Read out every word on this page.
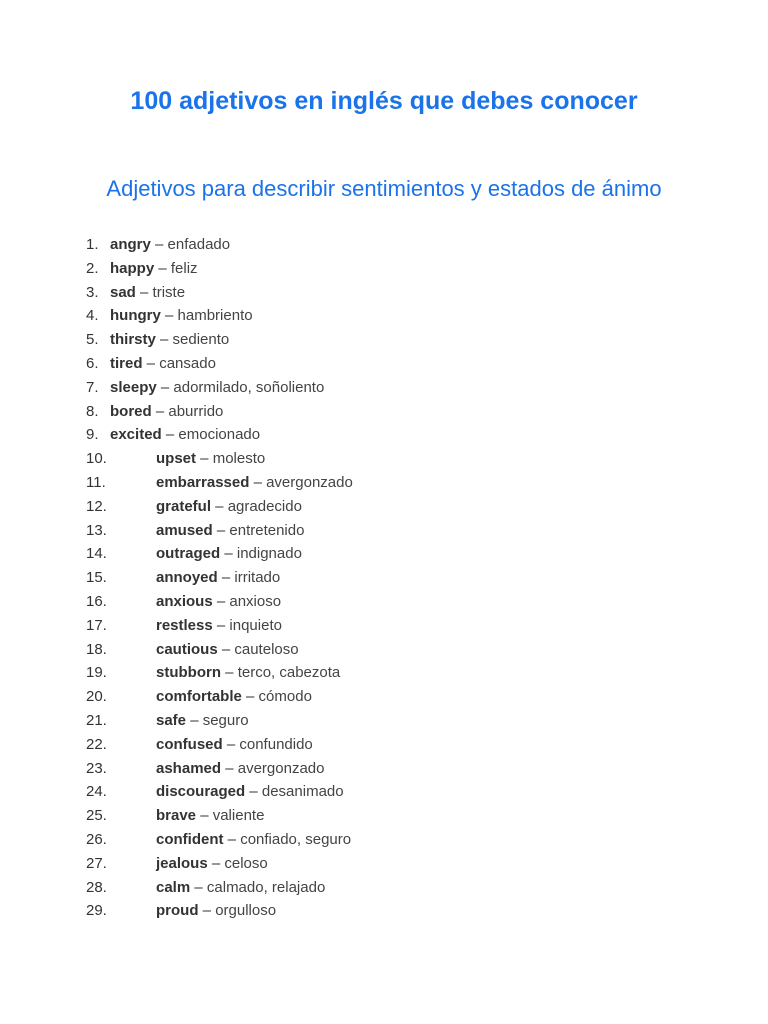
100 adjetivos en inglés que debes conocer
Adjetivos para describir sentimientos y estados de ánimo
1. angry – enfadado
2. happy – feliz
3. sad – triste
4. hungry – hambriento
5. thirsty – sediento
6. tired – cansado
7. sleepy – adormilado, soñoliento
8. bored – aburrido
9. excited – emocionado
10.	upset – molesto
11.	embarrassed – avergonzado
12.	grateful – agradecido
13.	amused – entretenido
14.	outraged – indignado
15.	annoyed – irritado
16.	anxious – anxioso
17.	restless – inquieto
18.	cautious – cauteloso
19.	stubborn – terco, cabezota
20.	comfortable – cómodo
21.	safe – seguro
22.	confused – confundido
23.	ashamed – avergonzado
24.	discouraged – desanimado
25.	brave – valiente
26.	confident – confiado, seguro
27.	jealous – celoso
28.	calm – calmado, relajado
29.	proud – orgulloso
